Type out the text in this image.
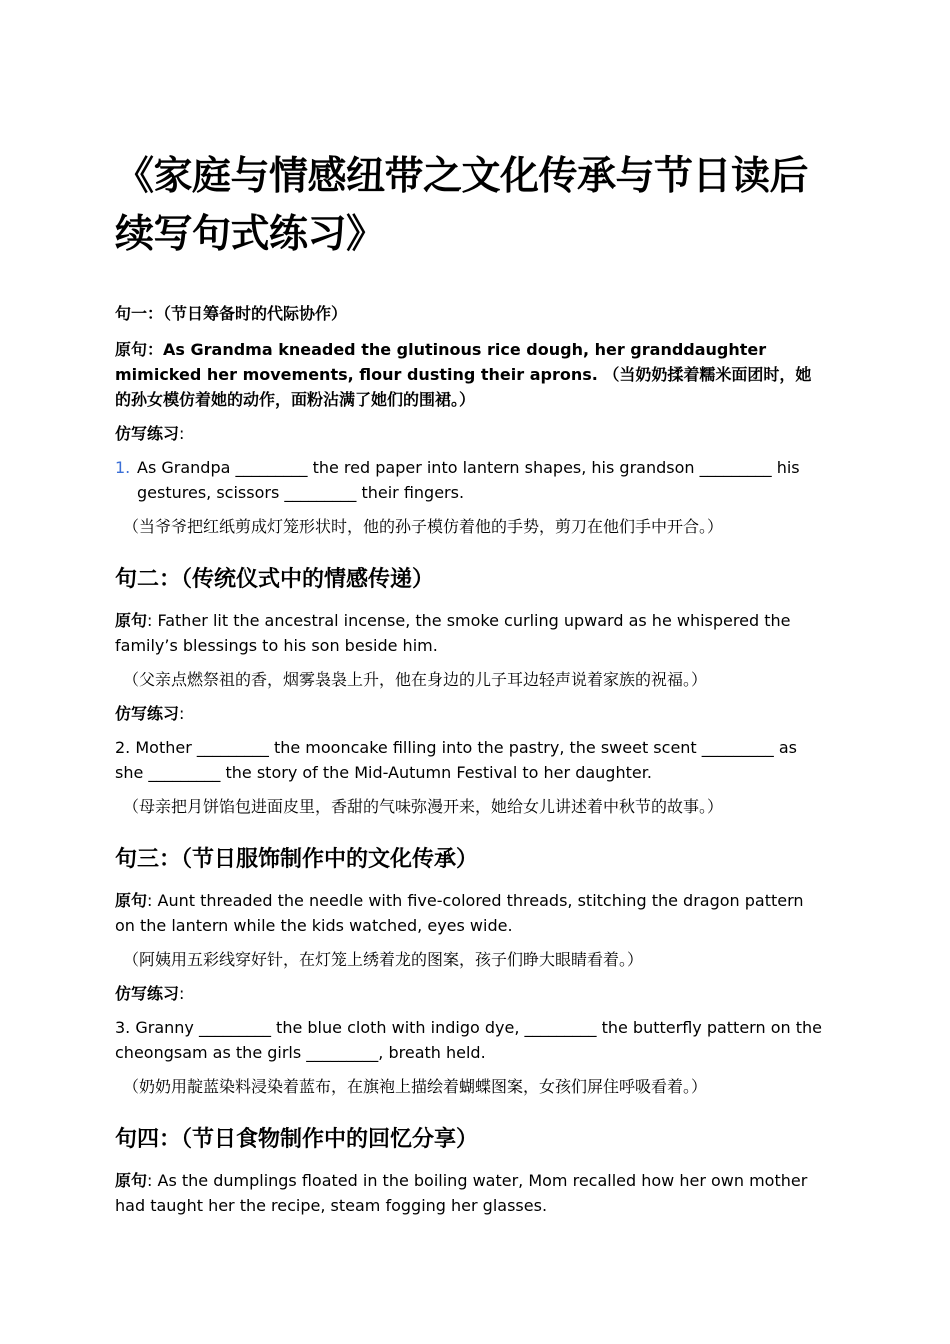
《家庭与情感纽带之文化传承与节日读后续写句式练习》

句一：（节日筹备时的代际协作）

原句：As Grandma kneaded the glutinous rice dough, her granddaughter mimicked her movements, flour dusting their aprons. （当奶奶揉着糯米面团时，她的孙女模仿着她的动作，面粉沾满了她们的围裙。）

仿写练习:

1. As Grandpa _________ the red paper into lantern shapes, his grandson _________ his gestures, scissors _________ their fingers.

（当爷爷把红纸剪成灯笼形状时，他的孙子模仿着他的手势，剪刀在他们手中开合。）

句二：（传统仪式中的情感传递）

原句: Father lit the ancestral incense, the smoke curling upward as he whispered the family’s blessings to his son beside him.

（父亲点燃祭祖的香，烟雾袅袅上升，他在身边的儿子耳边轻声说着家族的祝福。）

仿写练习:

2. Mother _________ the mooncake filling into the pastry, the sweet scent _________ as she _________ the story of the Mid-Autumn Festival to her daughter.

（母亲把月饼馅包进面皮里，香甜的气味弥漫开来，她给女儿讲述着中秋节的故事。）

句三：（节日服饰制作中的文化传承）

原句: Aunt threaded the needle with five-colored threads, stitching the dragon pattern on the lantern while the kids watched, eyes wide.

（阿姨用五彩线穿好针，在灯笼上绣着龙的图案，孩子们睁大眼睛看着。）

仿写练习:

3. Granny _________ the blue cloth with indigo dye, _________ the butterfly pattern on the cheongsam as the girls _________, breath held.

（奶奶用靛蓝染料浸染着蓝布，在旗袍上描绘着蝴蝶图案，女孩们屏住呼吸看着。）

句四：（节日食物制作中的回忆分享）

原句: As the dumplings floated in the boiling water, Mom recalled how her own mother had taught her the recipe, steam fogging her glasses.
